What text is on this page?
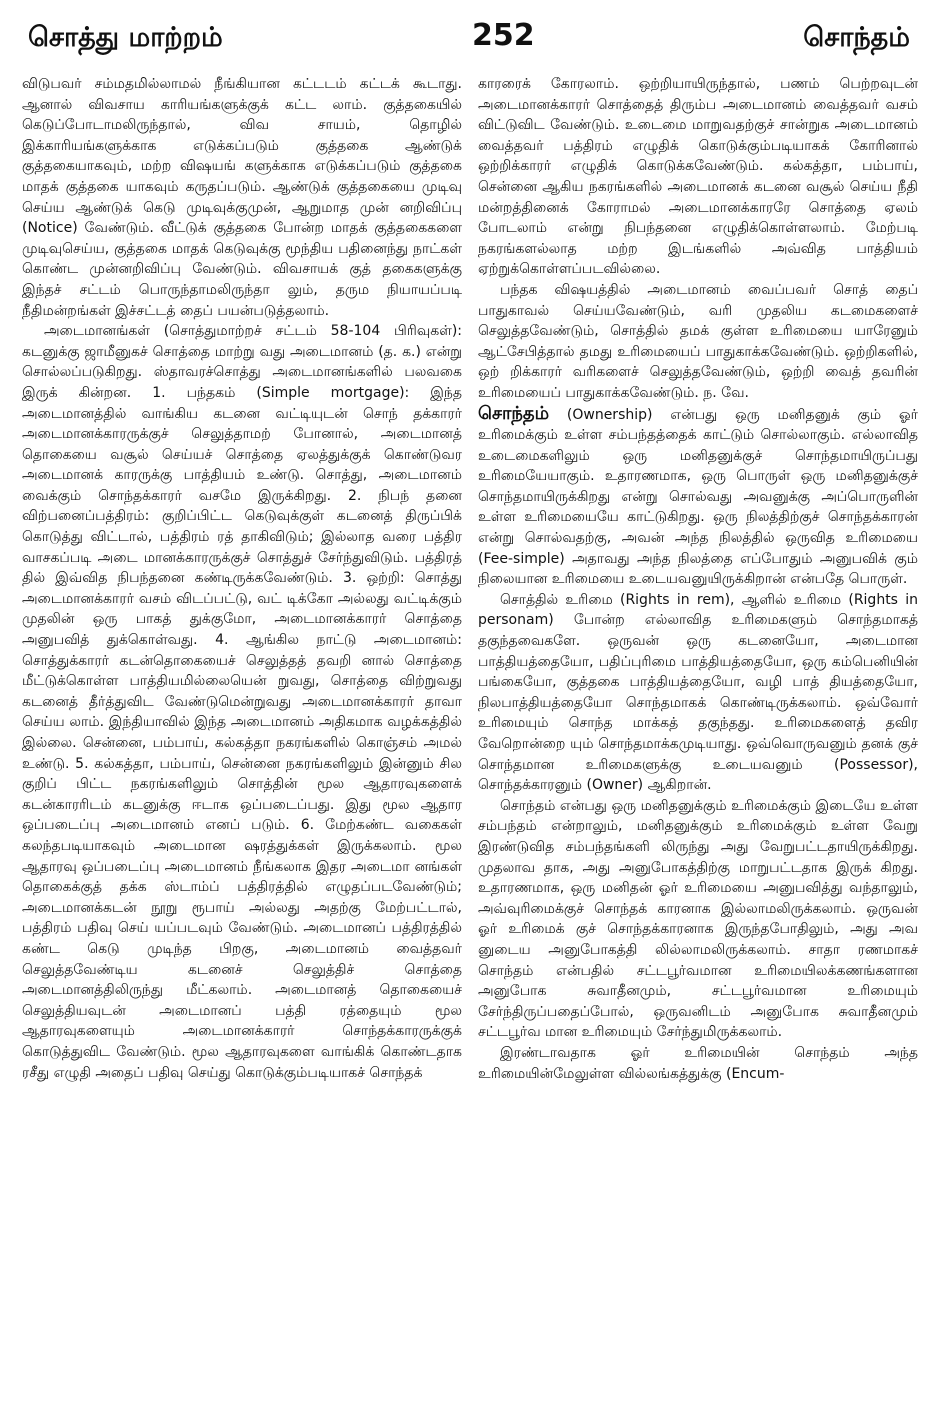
சொத்து மாற்றம்	252	சொந்தம்

விடுபவர் சம்மதமில்லாமல் நீங்கியான கட்டடம் கட்டக் கூடாது. ஆனால் விவசாய காரியங்களுக்குக் கட்ட லாம். குத்தகையில் கெடுப்போடாமலிருந்தால், விவ சாயம், தொழில் இக்காரியங்களுக்காக எடுக்கப்படும் குத்தகை ஆண்டுக் குத்தகையாகவும், மற்ற விஷயங் களுக்காக எடுக்கப்படும் குத்தகை மாதக் குத்தகை யாகவும் கருதப்படும். ஆண்டுக் குத்தகையை முடிவு செய்ய ஆண்டுக் கெடு முடிவுக்குமுன், ஆறுமாத முன் னறிவிப்பு (Notice) வேண்டும். வீட்டுக் குத்தகை போன்ற மாதக் குத்தகைகளை முடிவுசெய்ய, குத்தகை மாதக் கெடுவுக்கு மூந்திய பதினைந்து நாட்கள் கொண்ட முன்னறிவிப்பு வேண்டும். விவசாயக் குத் தகைகளுக்கு இந்தச் சட்டம் பொருந்தாமலிருந்தா லும், தரும நியாயப்படி நீதிமன்றங்கள் இச்சட்டத் தைப் பயன்படுத்தலாம்.

அடைமானங்கள் (சொத்துமாற்றச் சட்டம் 58-104 பிரிவுகள்): கடனுக்கு ஜாமீனுகச் சொத்தை மாற்று வது அடைமானம் (த. க.) என்று சொல்லப்படுகிறது. ஸ்தாவரச்சொத்து அடைமானங்களில் பலவகை இருக் கின்றன. 1. பந்தகம் (Simple mortgage): இந்த அடைமானத்தில் வாங்கிய கடனை வட்டியுடன் சொந் தக்காரர் அடைமானக்காரருக்குச் செலுத்தாமற் போனால், அடைமானத் தொகையை வசூல் செய்யச் சொத்தை ஏலத்துக்குக் கொண்டுவர அடைமானக் காரருக்கு பாத்தியம் உண்டு. சொத்து, அடைமானம் வைக்கும் சொந்தக்காரர் வசமே இருக்கிறது. 2. நிபந் தனை விற்பனைப்பத்திரம்: குறிப்பிட்ட கெடுவுக்குள் கடனைத் திருப்பிக் கொடுத்து விட்டால், பத்திரம் ரத் தாகிவிடும்; இல்லாத வரை பத்திர வாசகப்படி அடை மானக்காரருக்குச் சொத்துச் சேர்ந்துவிடும். பத்திரத் தில் இவ்வித நிபந்தனை கண்டிருக்கவேண்டும். 3. ஒற்றி: சொத்து அடைமானக்காரர் வசம் விடப்பட்டு, வட் டிக்கோ அல்லது வட்டிக்கும் முதலின் ஒரு பாகத் துக்குமோ, அடைமானக்காரர் சொத்தை அனுபவித் துக்கொள்வது. 4. ஆங்கில நாட்டு அடைமானம்: சொத்துக்காரர் கடன்தொகையைச் செலுத்தத் தவறி னால் சொத்தை மீட்டுக்கொள்ள பாத்தியமில்லையென் றுவது, சொத்தை விற்றுவது கடனைத் தீர்த்துவிட வேண்டுமென்றுவது அடைமானக்காரர் தாவா செய்ய லாம். இந்தியாவில் இந்த அடைமானம் அதிகமாக வழக்கத்தில் இல்லை. சென்னை, பம்பாய், கல்கத்தா நகரங்களில் கொஞ்சம் அமல் உண்டு. 5. கல்கத்தா, பம்பாய், சென்னை நகரங்களிலும் இன்னும் சில குறிப் பிட்ட நகரங்களிலும் சொத்தின் மூல ஆதாரவுகளைக் கடன்காரரிடம் கடனுக்கு ஈடாக ஒப்படைப்பது. இது மூல ஆதார ஒப்படைப்பு அடைமானம் எனப் படும். 6. மேற்கண்ட வகைகள் கலந்தபடியாகவும் அடைமான ஷரத்துக்கள் இருக்கலாம். மூல ஆதாரவு ஒப்படைப்பு அடைமானம் நீங்கலாக இதர அடைமா னங்கள் தொகைக்குத் தக்க ஸ்டாம்ப் பத்திரத்தில் எழுதப்படவேண்டும்; அடைமானக்கடன் நூறு ரூபாய் அல்லது அதற்கு மேற்பட்டால், பத்திரம் பதிவு செய் யப்படவும் வேண்டும். அடைமானப் பத்திரத்தில் கண்ட கெடு முடிந்த பிறகு, அடைமானம் வைத்தவர் செலுத்தவேண்டிய கடனைச் செலுத்திச் சொத்தை அடைமானத்திலிருந்து மீட்கலாம். அடைமானத் தொகையைச் செலுத்தியவுடன் அடைமானப் பத்தி ரத்தையும் மூல ஆதாரவுகளையும் அடைமானக்காரர் சொந்தக்காரருக்குக் கொடுத்துவிட வேண்டும். மூல ஆதாரவுகளை வாங்கிக் கொண்டதாக ரசீது எழுதி அதைப் பதிவு செய்து கொடுக்கும்படியாகச் சொந்தக்

காரரைக் கோரலாம். ஒற்றியாயிருந்தால், பணம் பெற்றவுடன் அடைமானக்காரர் சொத்தைத் திரும்ப அடைமானம் வைத்தவர் வசம் விட்டுவிட வேண்டும். உடைமை மாறுவதற்குச் சான்றுக அடைமானம் வைத்தவர் பத்திரம் எழுதிக் கொடுக்கும்படியாகக் கோரினால் ஒற்றிக்காரர் எழுதிக் கொடுக்கவேண்டும். கல்கத்தா, பம்பாய், சென்னை ஆகிய நகரங்களில் அடைமானக் கடனை வசூல் செய்ய நீதி மன்றத்தினைக் கோராமல் அடைமானக்காரரே சொத்தை ஏலம் போடலாம் என்று நிபந்தனை எழுதிக்கொள்ளலாம். மேற்படி நகரங்களல்லாத மற்ற இடங்களில் அவ்வித பாத்தியம் ஏற்றுக்கொள்ளப்படவில்லை.

பந்தக விஷயத்தில் அடைமானம் வைப்பவர் சொத் தைப் பாதுகாவல் செய்யவேண்டும், வரி முதலிய கடமைகளைச் செலுத்தவேண்டும், சொத்தில் தமக் குள்ள உரிமையை யாரேனும் ஆட்சேபித்தால் தமது உரிமையைப் பாதுகாக்கவேண்டும். ஒற்றிகளில், ஒற் றிக்காரர் வரிகளைச் செலுத்தவேண்டும், ஒற்றி வைத் தவரின் உரிமையைப் பாதுகாக்கவேண்டும். ந. வே.

சொந்தம் (Ownership) என்பது ஒரு மனிதனுக் கும் ஓர் உரிமைக்கும் உள்ள சம்பந்தத்தைக் காட்டும் சொல்லாகும். எல்லாவித உடைமைகளிலும் ஒரு மனிதனுக்குச் சொந்தமாயிருப்பது உரிமையேயாகும். உதாரணமாக, ஒரு பொருள் ஒரு மனிதனுக்குச் சொந்தமாயிருக்கிறது என்று சொல்வது அவனுக்கு அப்பொருளின் உள்ள உரிமையையே காட்டுகிறது. ஒரு நிலத்திற்குச் சொந்தக்காரன் என்று சொல்வதற்கு, அவன் அந்த நிலத்தில் ஒருவித உரிமையை (Fee-simple) அதாவது அந்த நிலத்தை எப்போதும் அனுபவிக் கும் நிலையான உரிமையை உடையவனுயிருக்கிறான் என்பதே பொருள்.

சொத்தில் உரிமை (Rights in rem), ஆளில் உரிமை (Rights in personam) போன்ற எல்லாவித உரிமைகளும் சொந்தமாகத் தகுந்தவைகளே. ஒருவன் ஒரு கடனையோ, அடைமான பாத்தியத்தையோ, பதிப்புரிமை பாத்தியத்தையோ, ஒரு கம்பெனியின் பங்கையோ, குத்தகை பாத்தியத்தையோ, வழி பாத் தியத்தையோ, நிலபாத்தியத்தையோ சொந்தமாகக் கொண்டிருக்கலாம். ஒவ்வோர் உரிமையும் சொந்த மாக்கத் தகுந்தது. உரிமைகளைத் தவிர வேறொன்றை யும் சொந்தமாக்கமுடியாது. ஒவ்வொருவனும் தனக் குச் சொந்தமான உரிமைகளுக்கு உடையவனும் (Possessor), சொந்தக்காரனும் (Owner) ஆகிறான்.

சொந்தம் என்பது ஒரு மனிதனுக்கும் உரிமைக்கும் இடையே உள்ள சம்பந்தம் என்றாலும், மனிதனுக்கும் உரிமைக்கும் உள்ள வேறு இரண்டுவித சம்பந்தங்களி லிருந்து அது வேறுபட்டதாயிருக்கிறது. முதலாவ தாக, அது அனுபோகத்திற்கு மாறுபட்டதாக இருக் கிறது. உதாரணமாக, ஒரு மனிதன் ஓர் உரிமையை அனுபவித்து வந்தாலும், அவ்வுரிமைக்குச் சொந்தக் காரனாக இல்லாமலிருக்கலாம். ஒருவன் ஓர் உரிமைக் குச் சொந்தக்காரனாக இருந்தபோதிலும், அது அவ னுடைய அனுபோகத்தி லில்லாமலிருக்கலாம். சாதா ரணமாகச் சொந்தம் என்பதில் சட்டபூர்வமான உரிமையிலக்கணங்களான அனுபோக சுவாதீனமும், சட்டபூர்வமான உரிமையும் சேர்ந்திருப்பதைப்போல், ஒருவனிடம் அனுபோக சுவாதீனமும் சட்டபூர்வ மான உரிமையும் சேர்ந்துமிருக்கலாம்.

இரண்டாவதாக ஓர் உரிமையின் சொந்தம் அந்த உரிமையின்மேலுள்ள வில்லங்கத்துக்கு (Encum-
